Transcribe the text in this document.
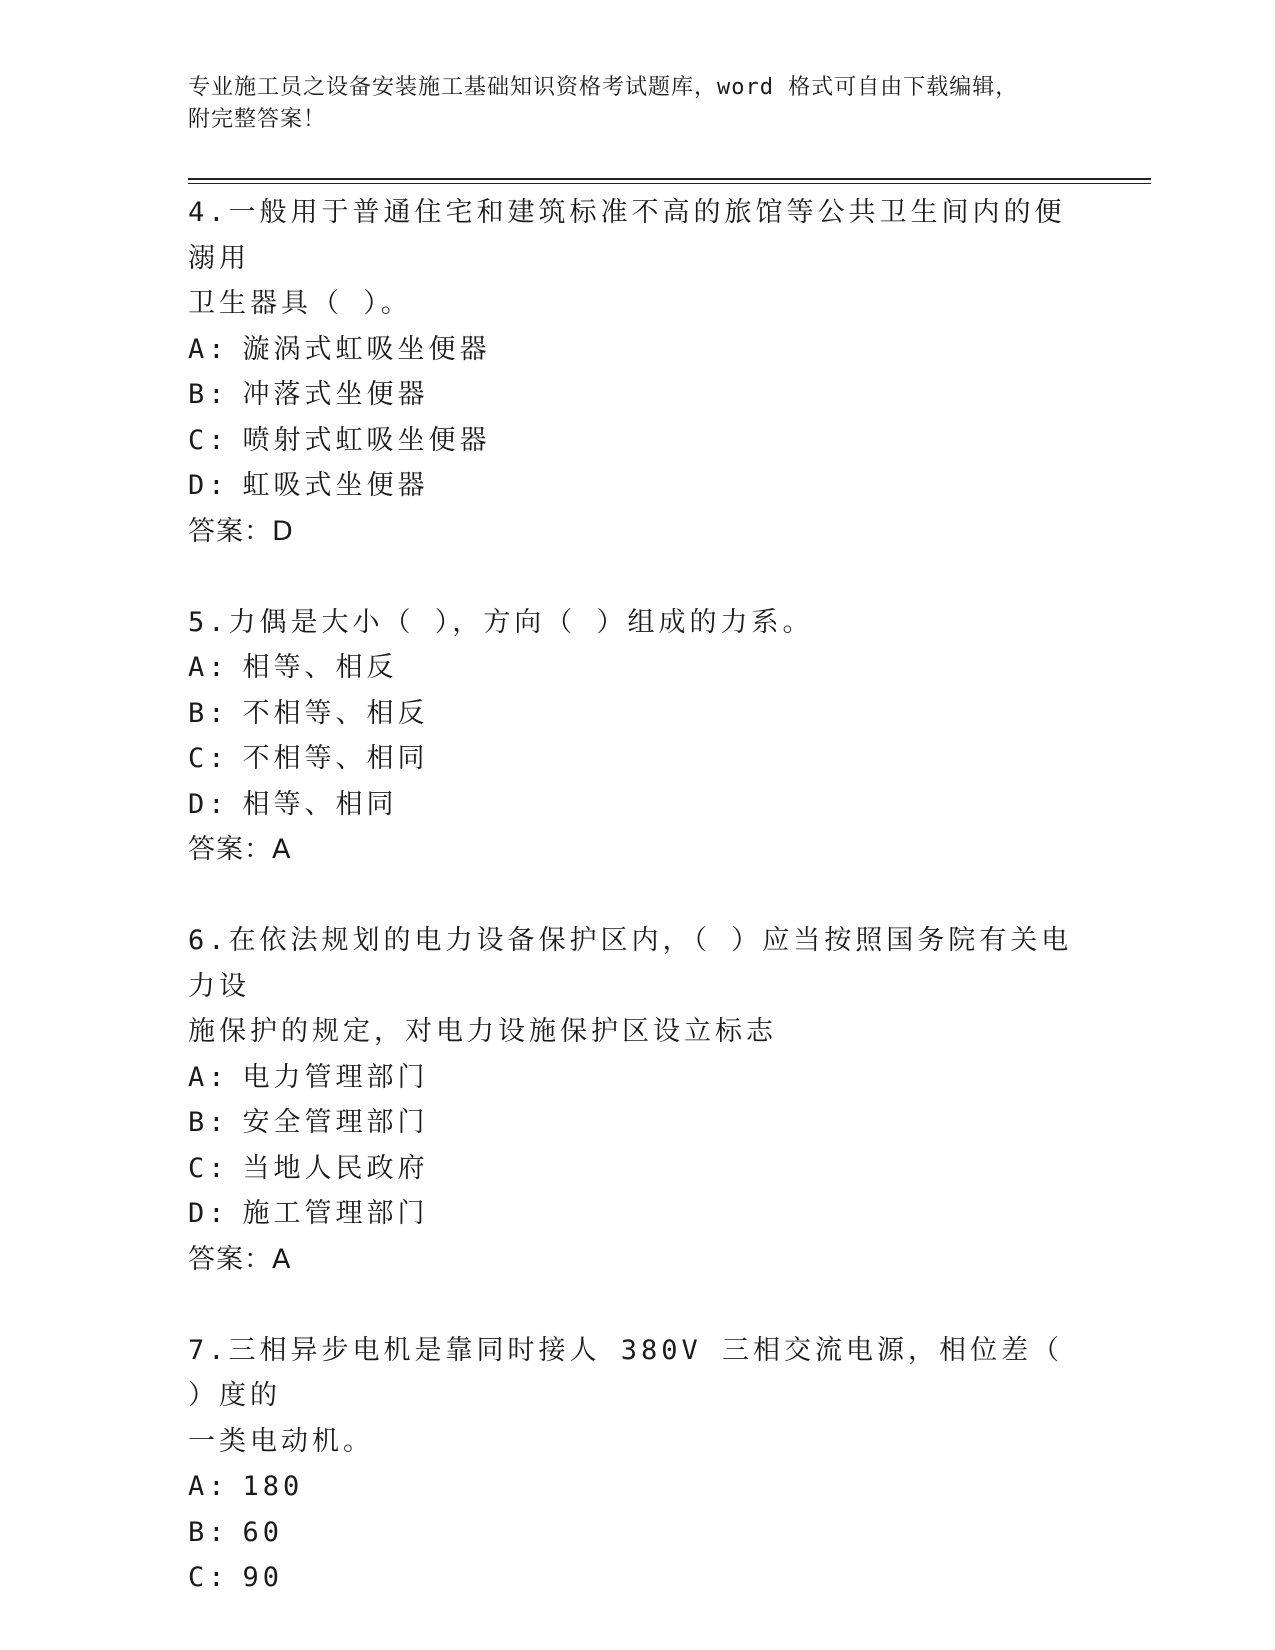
专业施工员之设备安装施工基础知识资格考试题库，word 格式可自由下载编辑，
附完整答案！

4.一般用于普通住宅和建筑标准不高的旅馆等公共卫生间内的便溺用

卫生器具（ ）。

A: 漩涡式虹吸坐便器

B: 冲落式坐便器

C: 喷射式虹吸坐便器

D: 虹吸式坐便器

答案：D

5.力偶是大小（ ），方向（ ）组成的力系。

A: 相等、相反

B: 不相等、相反

C: 不相等、相同

D: 相等、相同

答案：A

6.在依法规划的电力设备保护区内，（ ）应当按照国务院有关电力设

施保护的规定，对电力设施保护区设立标志

A: 电力管理部门

B: 安全管理部门

C: 当地人民政府

D: 施工管理部门

答案：A

7.三相异步电机是靠同时接人 380V 三相交流电源，相位差（ ）度的

一类电动机。

A: 180

B: 60

C: 90
